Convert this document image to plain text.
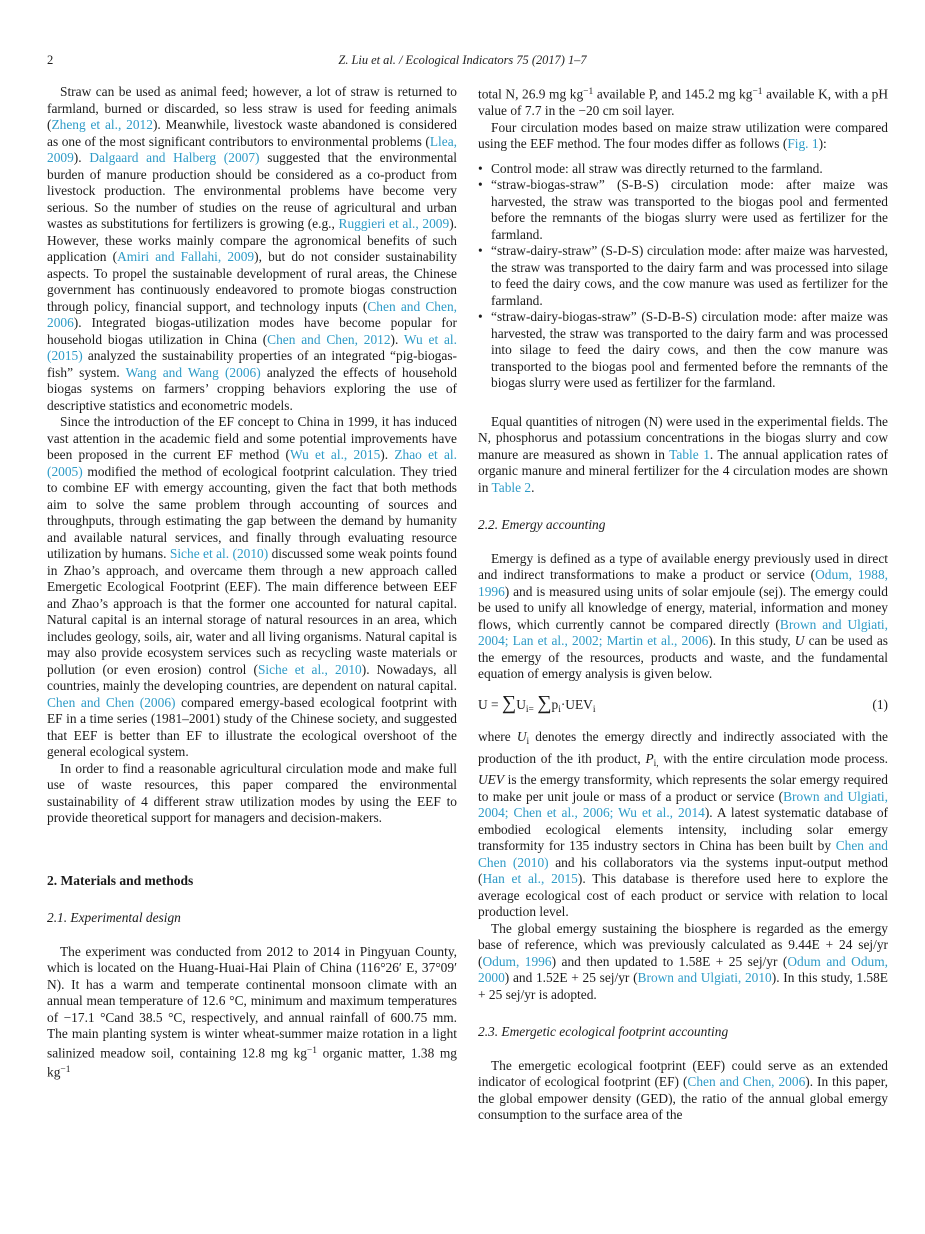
2	Z. Liu et al. / Ecological Indicators 75 (2017) 1–7

Straw can be used as animal feed; however, a lot of straw is returned to farmland, burned or discarded, so less straw is used for feeding animals (Zheng et al., 2012). Meanwhile, livestock waste abandoned is considered as one of the most significant contributors to environmental problems (Llea, 2009). Dalgaard and Halberg (2007) suggested that the environmental burden of manure production should be considered as a co-product from livestock production. The environmental problems have become very serious. So the number of studies on the reuse of agricultural and urban wastes as substitutions for fertilizers is growing (e.g., Ruggieri et al., 2009). However, these works mainly compare the agronomical benefits of such application (Amiri and Fallahi, 2009), but do not consider sustainability aspects. To propel the sustainable development of rural areas, the Chinese government has continuously endeavored to promote biogas construction through policy, financial support, and technology inputs (Chen and Chen, 2006). Integrated biogas-utilization modes have become popular for household biogas utilization in China (Chen and Chen, 2012). Wu et al. (2015) analyzed the sustainability properties of an integrated “pig-biogas-fish” system. Wang and Wang (2006) analyzed the effects of household biogas systems on farmers’ cropping behaviors exploring the use of descriptive statistics and econometric models.

Since the introduction of the EF concept to China in 1999, it has induced vast attention in the academic field and some potential improvements have been proposed in the current EF method (Wu et al., 2015). Zhao et al. (2005) modified the method of ecological footprint calculation. They tried to combine EF with emergy accounting, given the fact that both methods aim to solve the same problem through accounting of sources and throughputs, through estimating the gap between the demand by humanity and available natural services, and finally through evaluating resource utilization by humans. Siche et al. (2010) discussed some weak points found in Zhao’s approach, and overcame them through a new approach called Emergetic Ecological Footprint (EEF). The main difference between EEF and Zhao’s approach is that the former one accounted for natural capital. Natural capital is an internal storage of natural resources in an area, which includes geology, soils, air, water and all living organisms. Natural capital is may also provide ecosystem services such as recycling waste materials or pollution (or even erosion) control (Siche et al., 2010). Nowadays, all countries, mainly the developing countries, are dependent on natural capital. Chen and Chen (2006) compared emergy-based ecological footprint with EF in a time series (1981–2001) study of the Chinese society, and suggested that EEF is better than EF to illustrate the ecological overshoot of the general ecological system.

In order to find a reasonable agricultural circulation mode and make full use of waste resources, this paper compared the environmental sustainability of 4 different straw utilization modes by using the EEF to provide theoretical support for managers and decision-makers.

2. Materials and methods
2.1. Experimental design

The experiment was conducted from 2012 to 2014 in Pingyuan County, which is located on the Huang-Huai-Hai Plain of China (116°26′ E, 37°09′ N). It has a warm and temperate continental monsoon climate with an annual mean temperature of 12.6 °C, minimum and maximum temperatures of −17.1 °Cand 38.5 °C, respectively, and annual rainfall of 600.75 mm. The main planting system is winter wheat-summer maize rotation in a light salinized meadow soil, containing 12.8 mg $kg^{-1}$ organic matter, 1.38 mg $kg^{-1}$

total N, 26.9 mg $kg^{-1}$ available P, and 145.2 mg $kg^{-1}$ available K, with a pH value of 7.7 in the −20 cm soil layer.

Four circulation modes based on maize straw utilization were compared using the EEF method. The four modes differ as follows (Fig. 1):

• Control mode: all straw was directly returned to the farmland.
• “straw-biogas-straw” (S-B-S) circulation mode: after maize was harvested, the straw was transported to the biogas pool and fermented before the remnants of the biogas slurry were used as fertilizer for the farmland.
• “straw-dairy-straw” (S-D-S) circulation mode: after maize was harvested, the straw was transported to the dairy farm and was processed into silage to feed the dairy cows, and the cow manure was used as fertilizer for the farmland.
• “straw-dairy-biogas-straw” (S-D-B-S) circulation mode: after maize was harvested, the straw was transported to the dairy farm and was processed into silage to feed the dairy cows, and then the cow manure was transported to the biogas pool and fermented before the remnants of the biogas slurry were used as fertilizer for the farmland.

Equal quantities of nitrogen (N) were used in the experimental fields. The N, phosphorus and potassium concentrations in the biogas slurry and cow manure are measured as shown in Table 1. The annual application rates of organic manure and mineral fertilizer for the 4 circulation modes are shown in Table 2.

2.2. Emergy accounting

Emergy is defined as a type of available energy previously used in direct and indirect transformations to make a product or service (Odum, 1988, 1996) and is measured using units of solar emjoule (sej). The emergy could be used to unify all knowledge of energy, material, information and money flows, which currently cannot be compared directly (Brown and Ulgiati, 2004; Lan et al., 2002; Martin et al., 2006). In this study, U can be used as the emergy of the resources, products and waste, and the fundamental equation of emergy analysis is given below.

$U = \sum U_{i=}$ $\sum p_i\cdot UEV_i$	(1)

where $U_i$ denotes the emergy directly and indirectly associated with the production of the ith product, $P_{i,}$ with the entire circulation mode process. UEV is the emergy transformity, which represents the solar emergy required to make per unit joule or mass of a product or service (Brown and Ulgiati, 2004; Chen et al., 2006; Wu et al., 2014). A latest systematic database of embodied ecological elements intensity, including solar emergy transformity for 135 industry sectors in China has been built by Chen and Chen (2010) and his collaborators via the systems input-output method (Han et al., 2015). This database is therefore used here to explore the average ecological cost of each product or service with relation to local production level.

The global emergy sustaining the biosphere is regarded as the emergy base of reference, which was previously calculated as 9.44E + 24 sej/yr (Odum, 1996) and then updated to 1.58E + 25 sej/yr (Odum and Odum, 2000) and 1.52E + 25 sej/yr (Brown and Ulgiati, 2010). In this study, 1.58E + 25 sej/yr is adopted.

2.3. Emergetic ecological footprint accounting

The emergetic ecological footprint (EEF) could serve as an extended indicator of ecological footprint (EF) (Chen and Chen, 2006). In this paper, the global empower density (GED), the ratio of the annual global emergy consumption to the surface area of the
